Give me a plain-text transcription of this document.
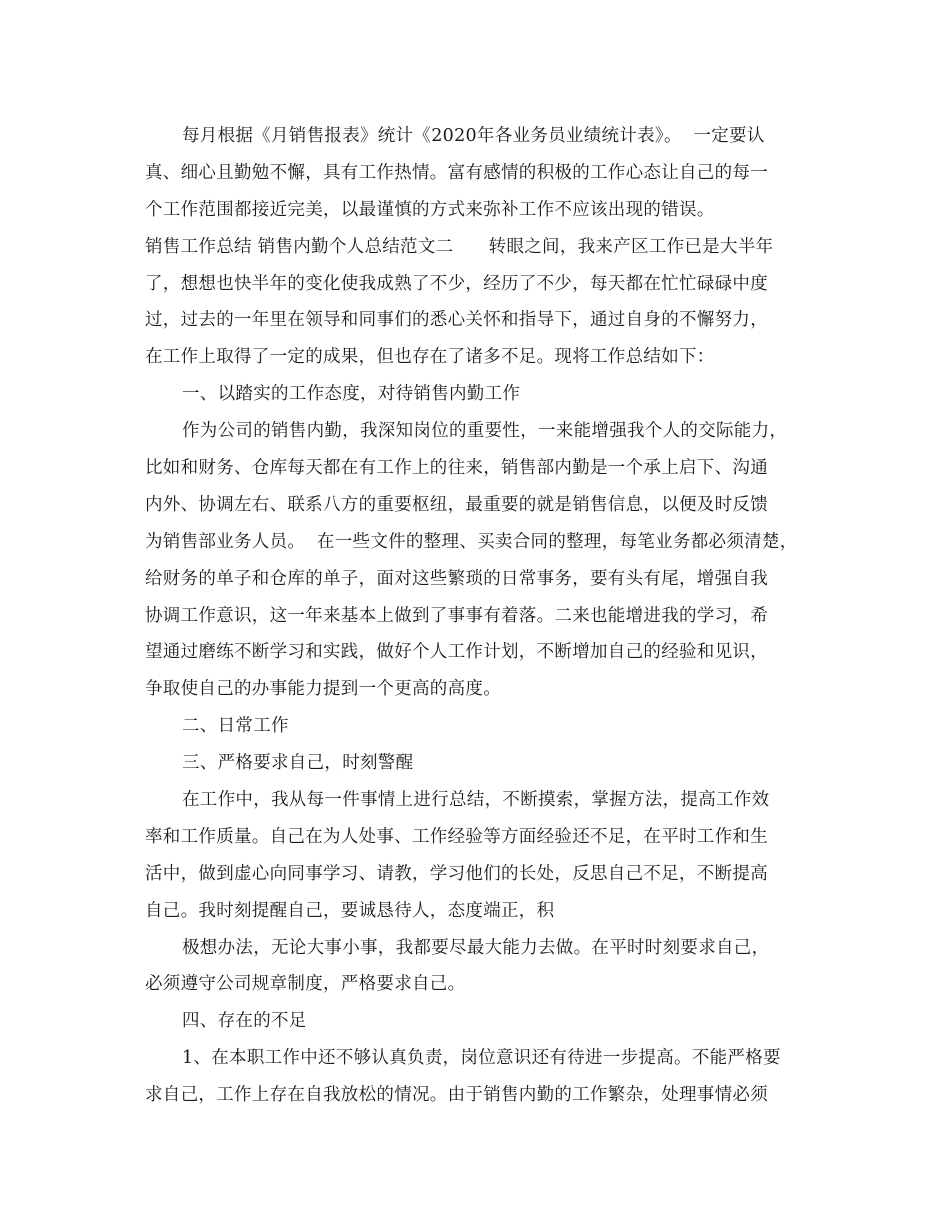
每月根据《月销售报表》统计《2020年各业务员业绩统计表》。  一定要认
真、细心且勤勉不懈，具有工作热情。富有感情的积极的工作心态让自己的每一
个工作范围都接近完美，以最谨慎的方式来弥补工作不应该出现的错误。
销售工作总结 销售内勤个人总结范文二      转眼之间，我来产区工作已是大半年
了，想想也快半年的变化使我成熟了不少，经历了不少，每天都在忙忙碌碌中度
过，过去的一年里在领导和同事们的悉心关怀和指导下，通过自身的不懈努力，
在工作上取得了一定的成果，但也存在了诸多不足。现将工作总结如下：
一、以踏实的工作态度，对待销售内勤工作
作为公司的销售内勤，我深知岗位的重要性，一来能增强我个人的交际能力，
比如和财务、仓库每天都在有工作上的往来，销售部内勤是一个承上启下、沟通
内外、协调左右、联系八方的重要枢纽，最重要的就是销售信息，以便及时反馈
为销售部业务人员。  在一些文件的整理、买卖合同的整理，每笔业务都必须清楚，
给财务的单子和仓库的单子，面对这些繁琐的日常事务，要有头有尾，增强自我
协调工作意识，这一年来基本上做到了事事有着落。二来也能增进我的学习，希
望通过磨练不断学习和实践，做好个人工作计划，不断增加自己的经验和见识，
争取使自己的办事能力提到一个更高的高度。
二、日常工作
三、严格要求自己，时刻警醒
在工作中，我从每一件事情上进行总结，不断摸索，掌握方法，提高工作效
率和工作质量。自己在为人处事、工作经验等方面经验还不足，在平时工作和生
活中，做到虚心向同事学习、请教，学习他们的长处，反思自己不足，不断提高
自己。我时刻提醒自己，要诚恳待人，态度端正，积
极想办法，无论大事小事，我都要尽最大能力去做。在平时时刻要求自己，
必须遵守公司规章制度，严格要求自己。
四、存在的不足
1、在本职工作中还不够认真负责，岗位意识还有待进一步提高。不能严格要
求自己，工作上存在自我放松的情况。由于销售内勤的工作繁杂，处理事情必须
